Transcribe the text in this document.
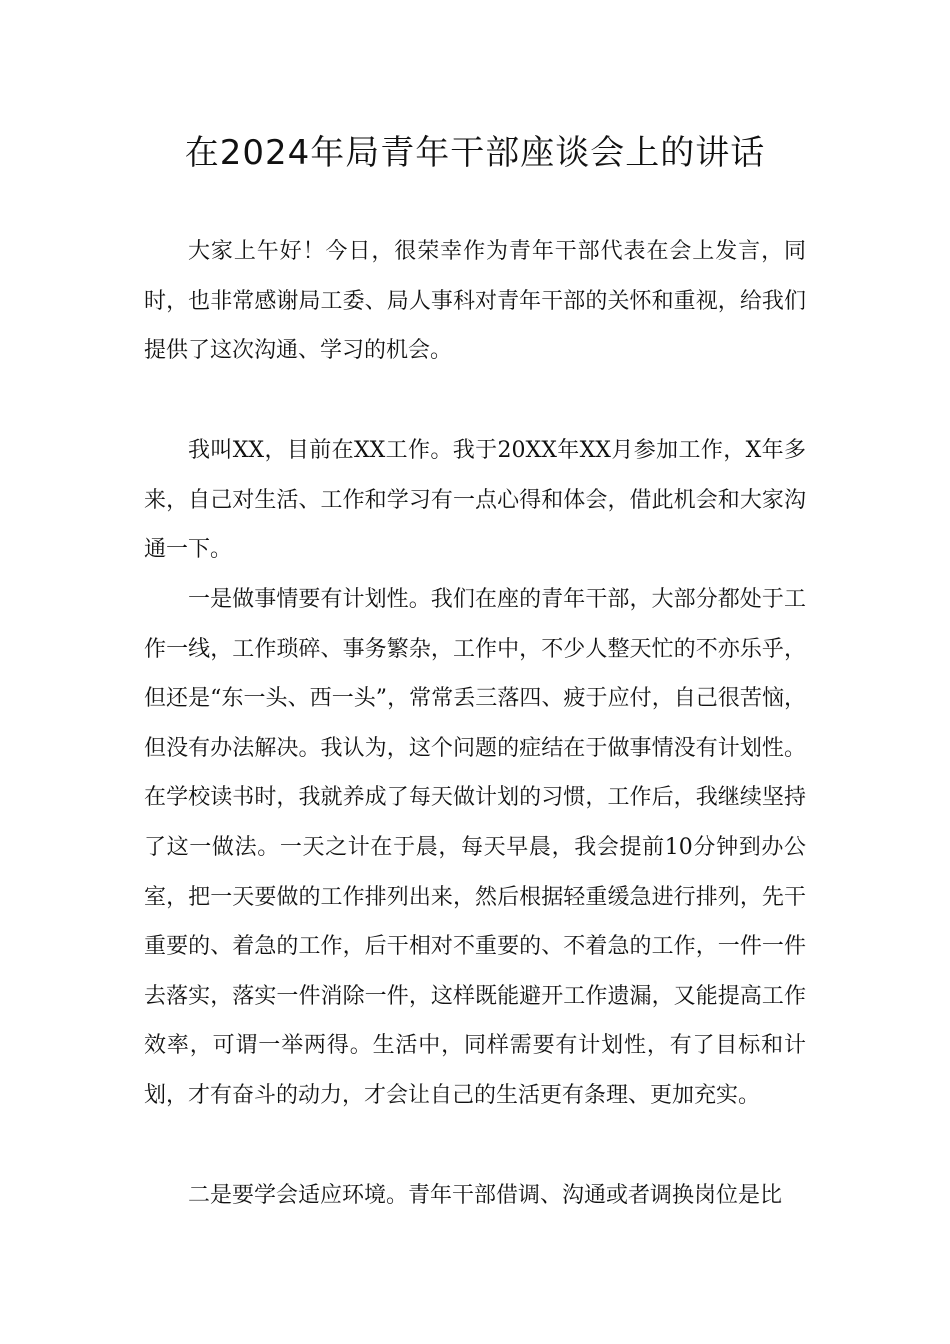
在2024年局青年干部座谈会上的讲话

大家上午好！今日，很荣幸作为青年干部代表在会上发言，同时，也非常感谢局工委、局人事科对青年干部的关怀和重视，给我们提供了这次沟通、学习的机会。

我叫XX，目前在XX工作。我于20XX年XX月参加工作，X年多来，自己对生活、工作和学习有一点心得和体会，借此机会和大家沟通一下。

一是做事情要有计划性。我们在座的青年干部，大部分都处于工作一线，工作琐碎、事务繁杂，工作中，不少人整天忙的不亦乐乎，但还是“东一头、西一头”，常常丢三落四、疲于应付，自己很苦恼，但没有办法解决。我认为，这个问题的症结在于做事情没有计划性。在学校读书时，我就养成了每天做计划的习惯，工作后，我继续坚持了这一做法。一天之计在于晨，每天早晨，我会提前10分钟到办公室，把一天要做的工作排列出来，然后根据轻重缓急进行排列，先干重要的、着急的工作，后干相对不重要的、不着急的工作，一件一件去落实，落实一件消除一件，这样既能避开工作遗漏，又能提高工作效率，可谓一举两得。生活中，同样需要有计划性，有了目标和计划，才有奋斗的动力，才会让自己的生活更有条理、更加充实。

二是要学会适应环境。青年干部借调、沟通或者调换岗位是比
